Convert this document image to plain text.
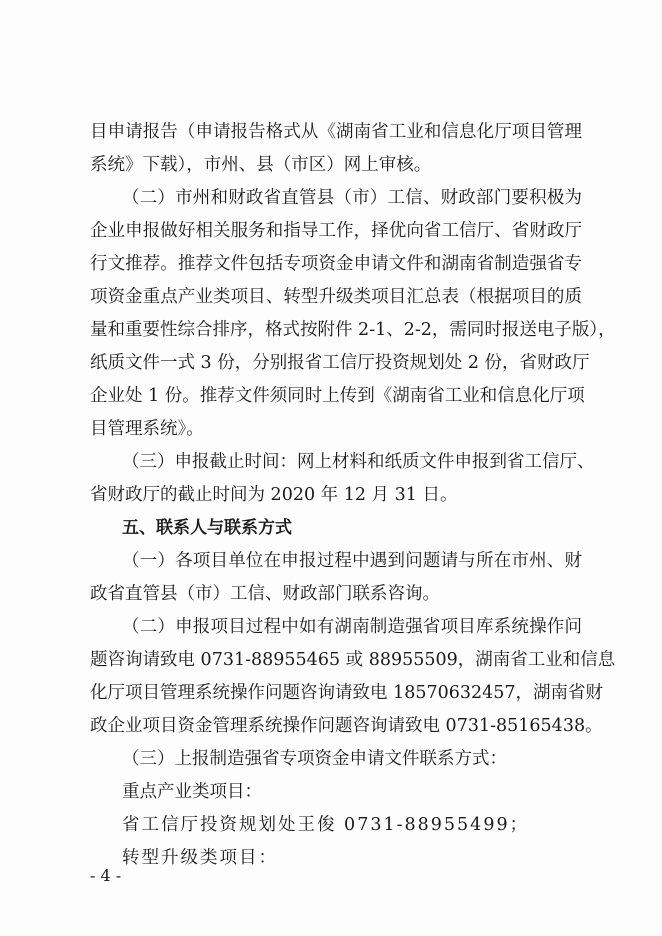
目申请报告（申请报告格式从《湖南省工业和信息化厅项目管理
系统》下载），市州、县（市区）网上审核。
（二）市州和财政省直管县（市）工信、财政部门要积极为
企业申报做好相关服务和指导工作，择优向省工信厅、省财政厅
行文推荐。推荐文件包括专项资金申请文件和湖南省制造强省专
项资金重点产业类项目、转型升级类项目汇总表（根据项目的质
量和重要性综合排序，格式按附件 2-1、2-2，需同时报送电子版），
纸质文件一式 3 份，分别报省工信厅投资规划处 2 份，省财政厅
企业处 1 份。推荐文件须同时上传到《湖南省工业和信息化厅项
目管理系统》。
（三）申报截止时间：网上材料和纸质文件申报到省工信厅、
省财政厅的截止时间为 2020 年 12 月 31 日。
五、联系人与联系方式
（一）各项目单位在申报过程中遇到问题请与所在市州、财
政省直管县（市）工信、财政部门联系咨询。
（二）申报项目过程中如有湖南制造强省项目库系统操作问
题咨询请致电 0731-88955465 或 88955509，湖南省工业和信息
化厅项目管理系统操作问题咨询请致电 18570632457，湖南省财
政企业项目资金管理系统操作问题咨询请致电 0731-85165438。
（三）上报制造强省专项资金申请文件联系方式：
重点产业类项目：
省工信厅投资规划处王俊 0731-88955499；
转型升级类项目：
- 4 -
